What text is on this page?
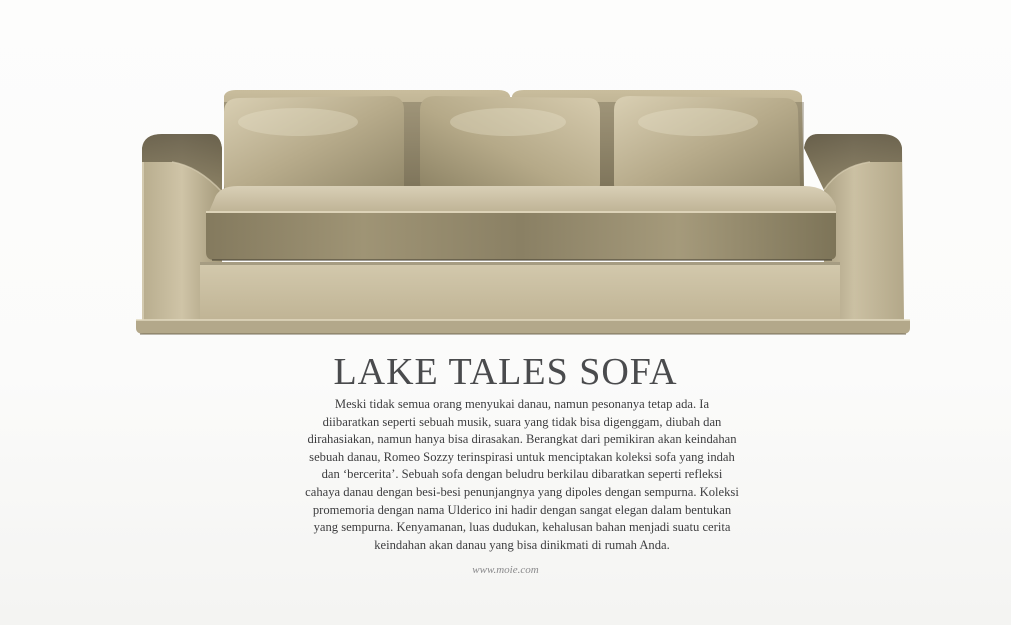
LAKE TALES SOFA

Meski tidak semua orang menyukai danau, namun pesonanya tetap ada. Ia
diibaratkan seperti sebuah musik, suara yang tidak bisa digenggam, diubah dan
dirahasiakan, namun hanya bisa dirasakan. Berangkat dari pemikiran akan keindahan
sebuah danau, Romeo Sozzy terinspirasi untuk menciptakan koleksi sofa yang indah
dan ‘bercerita’. Sebuah sofa dengan beludru berkilau dibaratkan seperti refleksi
cahaya danau dengan besi-besi penunjangnya yang dipoles dengan sempurna. Koleksi
promemoria dengan nama Ulderico ini hadir dengan sangat elegan dalam bentukan
yang sempurna. Kenyamanan, luas dudukan, kehalusan bahan menjadi suatu cerita
keindahan akan danau yang bisa dinikmati di rumah Anda.

www.moie.com
